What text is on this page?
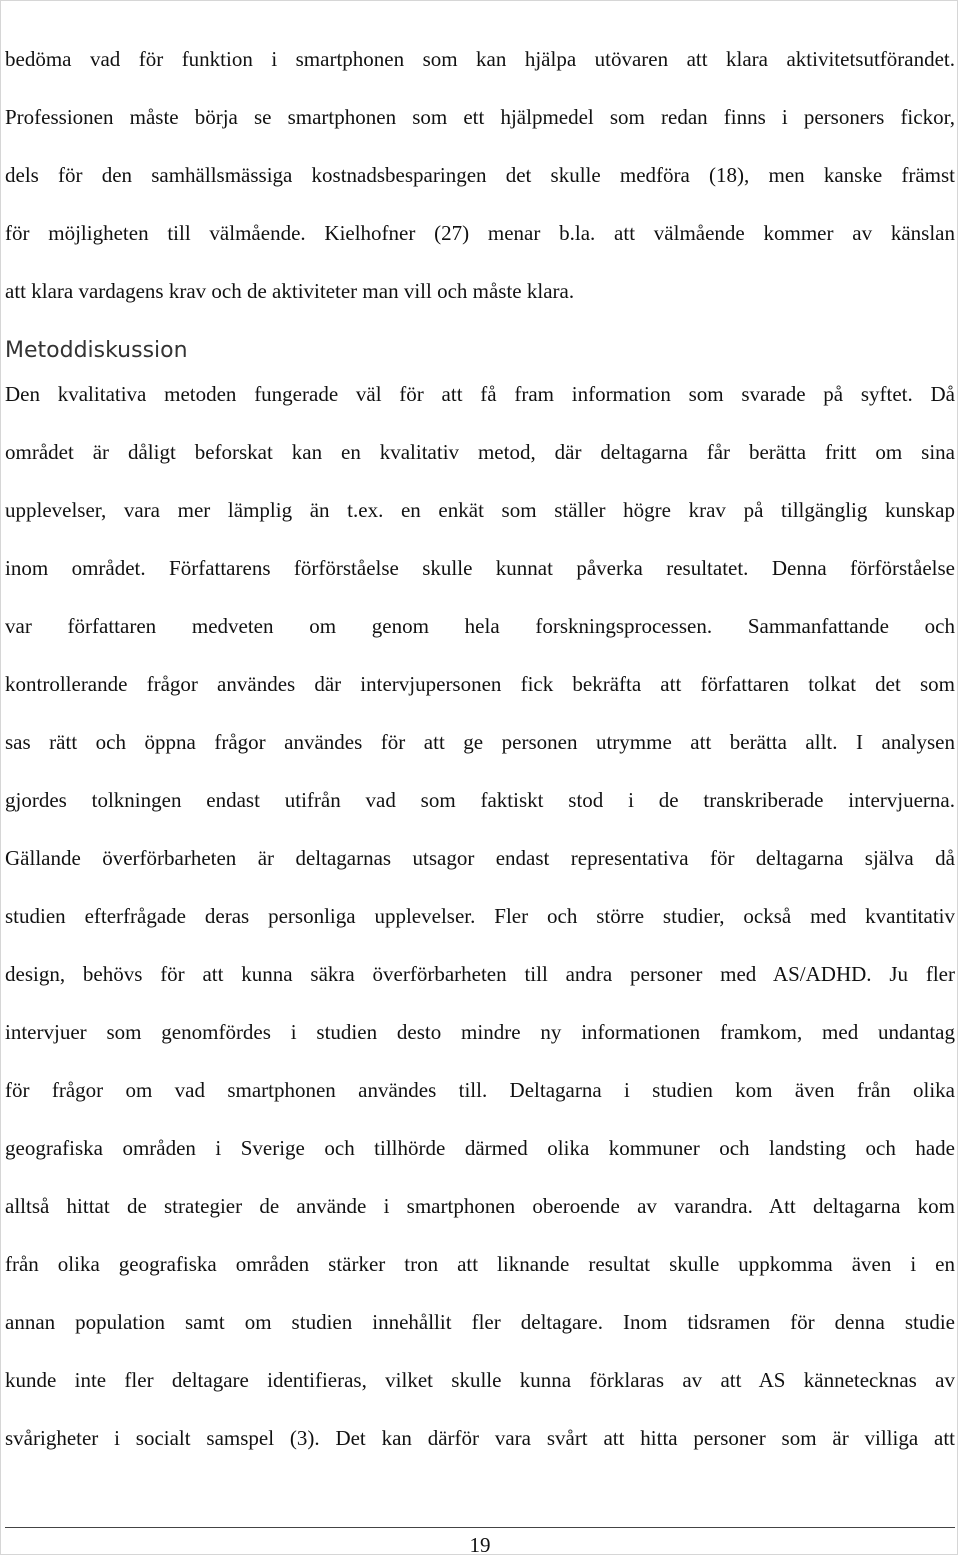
bedöma vad för funktion i smartphonen som kan hjälpa utövaren att klara aktivitetsutförandet.
Professionen måste börja se smartphonen som ett hjälpmedel som redan finns i personers fickor,
dels för den samhällsmässiga kostnadsbesparingen det skulle medföra (18), men kanske främst
för möjligheten till välmående. Kielhofner (27) menar b.la. att välmående kommer av känslan
att klara vardagens krav och de aktiviteter man vill och måste klara.
Metoddiskussion
Den kvalitativa metoden fungerade väl för att få fram information som svarade på syftet. Då
området är dåligt beforskat kan en kvalitativ metod, där deltagarna får berätta fritt om sina
upplevelser, vara mer lämplig än t.ex. en enkät som ställer högre krav på tillgänglig kunskap
inom området. Författarens förförståelse skulle kunnat påverka resultatet. Denna förförståelse
var författaren medveten om genom hela forskningsprocessen. Sammanfattande och
kontrollerande frågor användes där intervjupersonen fick bekräfta att författaren tolkat det som
sas rätt och öppna frågor användes för att ge personen utrymme att berätta allt. I analysen
gjordes tolkningen endast utifrån vad som faktiskt stod i de transkriberade intervjuerna.
Gällande överförbarheten är deltagarnas utsagor endast representativa för deltagarna själva då
studien efterfrågade deras personliga upplevelser. Fler och större studier, också med kvantitativ
design, behövs för att kunna säkra överförbarheten till andra personer med AS/ADHD. Ju fler
intervjuer som genomfördes i studien desto mindre ny informationen framkom, med undantag
för frågor om vad smartphonen användes till. Deltagarna i studien kom även från olika
geografiska områden i Sverige och tillhörde därmed olika kommuner och landsting och hade
alltså hittat de strategier de använde i smartphonen oberoende av varandra. Att deltagarna kom
från olika geografiska områden stärker tron att liknande resultat skulle uppkomma även i en
annan population samt om studien innehållit fler deltagare. Inom tidsramen för denna studie
kunde inte fler deltagare identifieras, vilket skulle kunna förklaras av att AS kännetecknas av
svårigheter i socialt samspel (3). Det kan därför vara svårt att hitta personer som är villiga att
19
